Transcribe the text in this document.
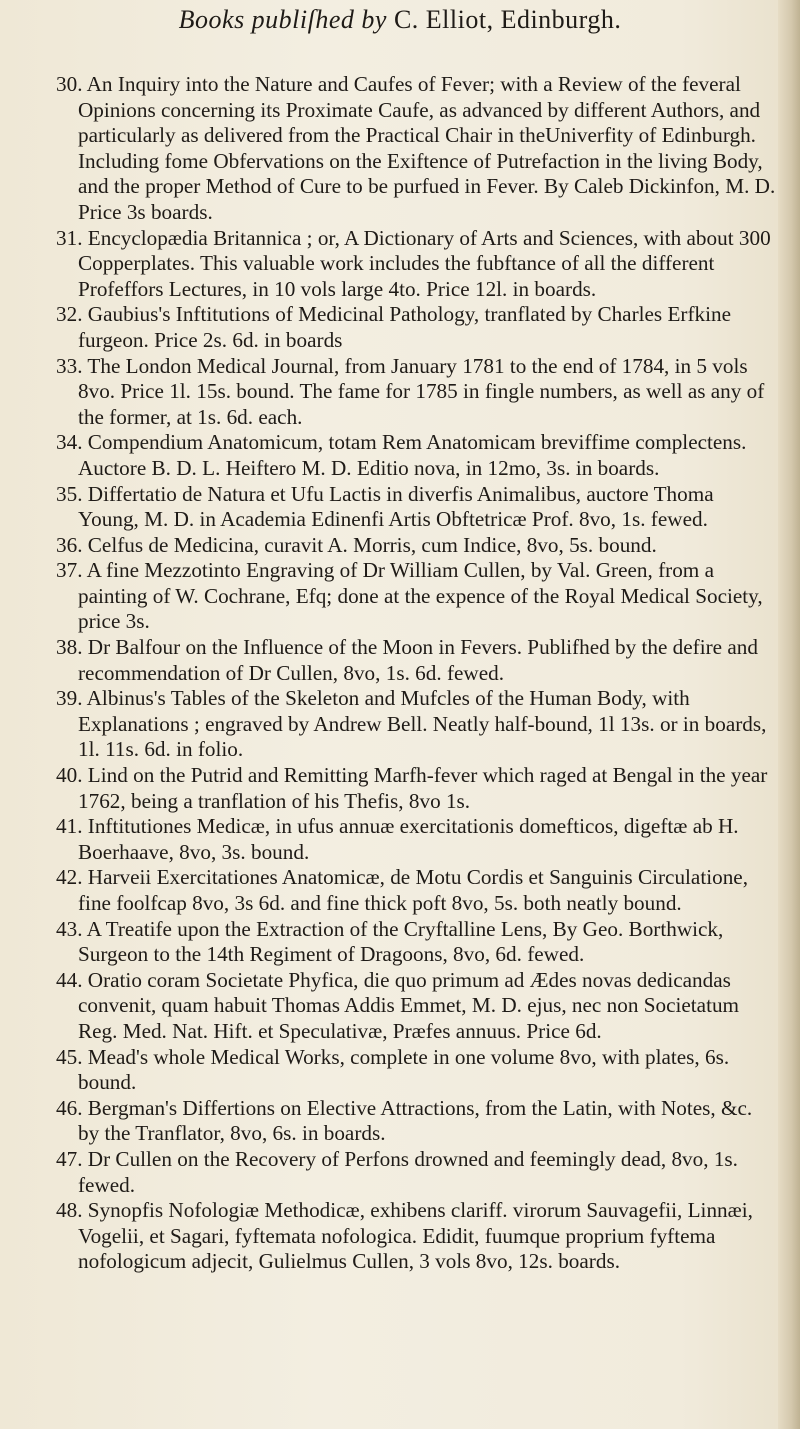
Books publiſhed by C. Elliot, Edinburgh.
30. An Inquiry into the Nature and Caufes of Fever; with a Review of the feveral Opinions concerning its Proximate Caufe, as advanced by different Authors, and particularly as delivered from the Practical Chair in theUniverfity of Edinburgh. Including fome Obfervations on the Exiftence of Putrefaction in the living Body, and the proper Method of Cure to be purfued in Fever. By Caleb Dickinfon, M. D. Price 3s boards.
31. Encyclopædia Britannica ; or, A Dictionary of Arts and Sciences, with about 300 Copperplates. This valuable work includes the fubftance of all the different Profeffors Lectures, in 10 vols large 4to. Price 12l. in boards.
32. Gaubius's Inftitutions of Medicinal Pathology, tranflated by Charles Erfkine furgeon. Price 2s. 6d. in boards
33. The London Medical Journal, from January 1781 to the end of 1784, in 5 vols 8vo. Price 1l. 15s. bound. The fame for 1785 in fingle numbers, as well as any of the former, at 1s. 6d. each.
34. Compendium Anatomicum, totam Rem Anatomicam breviffime complectens. Auctore B. D. L. Heiftero M. D. Editio nova, in 12mo, 3s. in boards.
35. Differtatio de Natura et Ufu Lactis in diverfis Animalibus, auctore Thoma Young, M. D. in Academia Edinenfi Artis Obftetricæ Prof. 8vo, 1s. fewed.
36. Celfus de Medicina, curavit A. Morris, cum Indice, 8vo, 5s. bound.
37. A fine Mezzotinto Engraving of Dr William Cullen, by Val. Green, from a painting of W. Cochrane, Efq; done at the expence of the Royal Medical Society, price 3s.
38. Dr Balfour on the Influence of the Moon in Fevers. Publifhed by the defire and recommendation of Dr Cullen, 8vo, 1s. 6d. fewed.
39. Albinus's Tables of the Skeleton and Mufcles of the Human Body, with Explanations ; engraved by Andrew Bell. Neatly half-bound, 1l 13s. or in boards, 1l. 11s. 6d. in folio.
40. Lind on the Putrid and Remitting Marfh-fever which raged at Bengal in the year 1762, being a tranflation of his Thefis, 8vo 1s.
41. Inftitutiones Medicæ, in ufus annuæ exercitationis domefticos, digeftæ ab H. Boerhaave, 8vo, 3s. bound.
42. Harveii Exercitationes Anatomicæ, de Motu Cordis et Sanguinis Circulatione, fine foolfcap 8vo, 3s 6d. and fine thick poft 8vo, 5s. both neatly bound.
43. A Treatife upon the Extraction of the Cryftalline Lens, By Geo. Borthwick, Surgeon to the 14th Regiment of Dragoons, 8vo, 6d. fewed.
44. Oratio coram Societate Phyfica, die quo primum ad Ædes novas dedicandas convenit, quam habuit Thomas Addis Emmet, M. D. ejus, nec non Societatum Reg. Med. Nat. Hift. et Speculativæ, Præfes annuus. Price 6d.
45. Mead's whole Medical Works, complete in one volume 8vo, with plates, 6s. bound.
46. Bergman's Differtions on Elective Attractions, from the Latin, with Notes, &c. by the Tranflator, 8vo, 6s. in boards.
47. Dr Cullen on the Recovery of Perfons drowned and feemingly dead, 8vo, 1s. fewed.
48. Synopfis Nofologiæ Methodicæ, exhibens clariff. virorum Sauvagefii, Linnæi, Vogelii, et Sagari, fyftemata nofologica. Edidit, fuumque proprium fyftema nofologicum adjecit, Gulielmus Cullen, 3 vols 8vo, 12s. boards.
